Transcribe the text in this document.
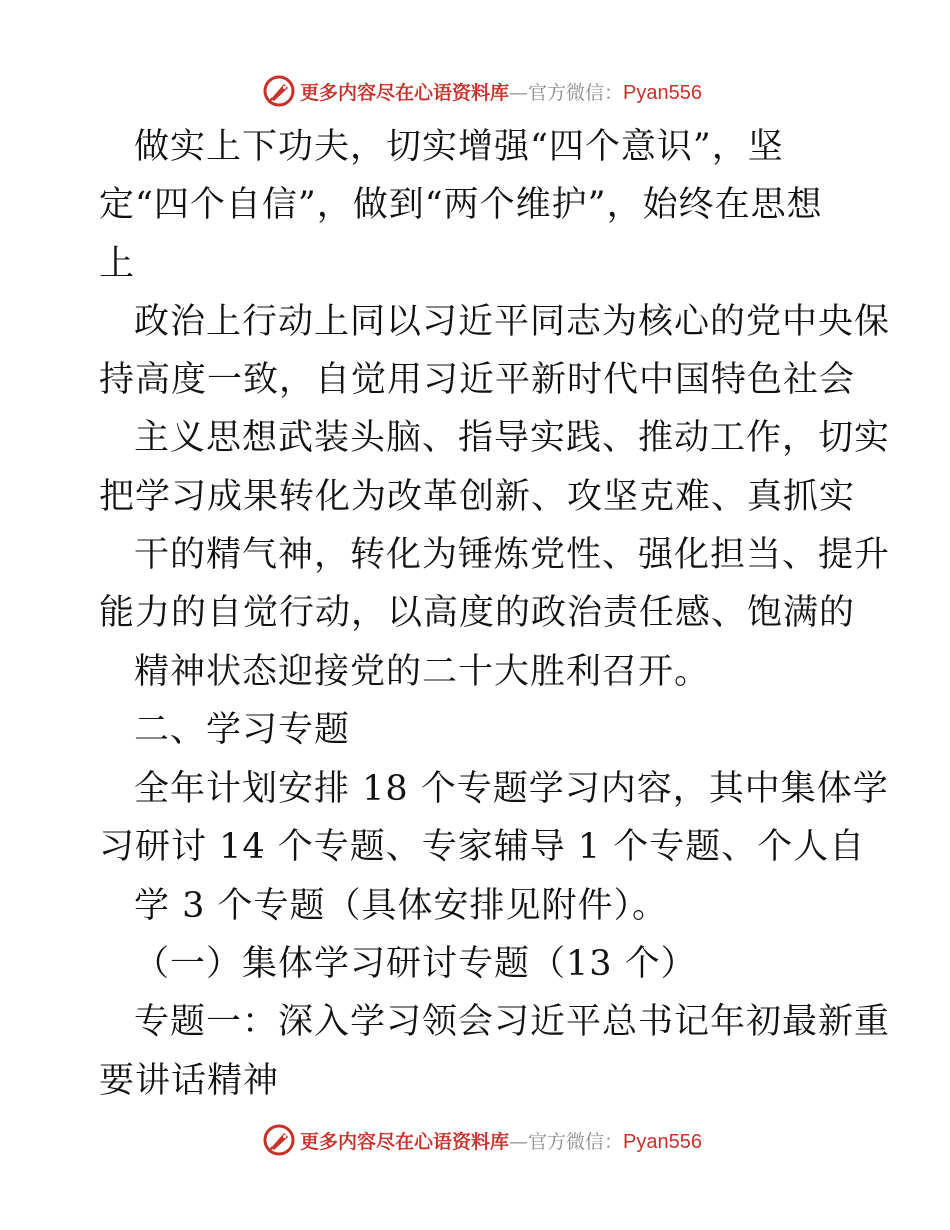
更多内容尽在心语资料库—官方微信：Pyan556
做实上下功夫，切实增强“四个意识”，坚
定“四个自信”，做到“两个维护”，始终在思想
上
政治上行动上同以习近平同志为核心的党中央保
持高度一致，自觉用习近平新时代中国特色社会
主义思想武装头脑、指导实践、推动工作，切实
把学习成果转化为改革创新、攻坚克难、真抓实
干的精气神，转化为锤炼党性、强化担当、提升
能力的自觉行动，以高度的政治责任感、饱满的
精神状态迎接党的二十大胜利召开。
二、学习专题
全年计划安排 18 个专题学习内容，其中集体学
习研讨 14 个专题、专家辅导 1 个专题、个人自
学 3 个专题（具体安排见附件）。
（一）集体学习研讨专题（13 个）
专题一：深入学习领会习近平总书记年初最新重
要讲话精神
更多内容尽在心语资料库—官方微信：Pyan556
